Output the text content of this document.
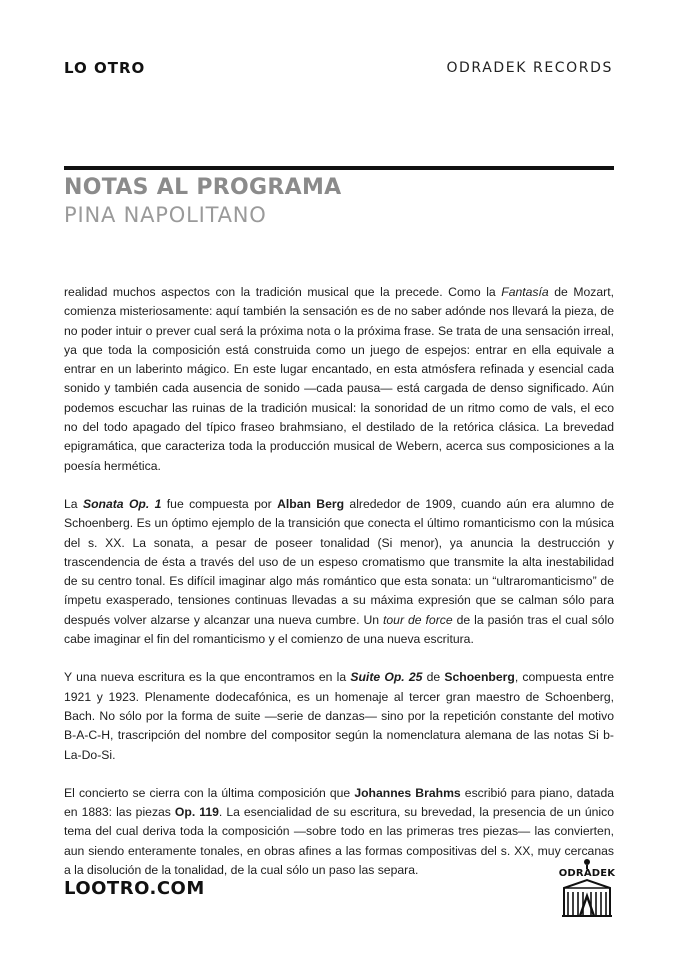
LO OTRO	ODRADEK RECORDS
NOTAS AL PROGRAMA
PINA NAPOLITANO

realidad muchos aspectos con la tradición musical que la precede. Como la Fantasía de Mozart, comienza misteriosamente: aquí también la sensación es de no saber adónde nos llevará la pieza, de no poder intuir o prever cual será la próxima nota o la próxima frase. Se trata de una sensación irreal, ya que toda la composición está construida como un juego de espejos: entrar en ella equivale a entrar en un laberinto mágico. En este lugar encantado, en esta atmósfera refinada y esencial cada sonido y también cada ausencia de sonido —cada pausa— está cargada de denso significado. Aún podemos escuchar las ruinas de la tradición musical: la sonoridad de un ritmo como de vals, el eco no del todo apagado del típico fraseo brahmsiano, el destilado de la retórica clásica. La brevedad epigramática, que caracteriza toda la producción musical de Webern, acerca sus composiciones a la poesía hermética.

La Sonata Op. 1 fue compuesta por Alban Berg alrededor de 1909, cuando aún era alumno de Schoenberg. Es un óptimo ejemplo de la transición que conecta el último romanticismo con la música del s. XX. La sonata, a pesar de poseer tonalidad (Si menor), ya anuncia la destrucción y trascendencia de ésta a través del uso de un espeso cromatismo que transmite la alta inestabilidad de su centro tonal. Es difícil imaginar algo más romántico que esta sonata: un “ultraromanticismo” de ímpetu exasperado, tensiones continuas llevadas a su máxima expresión que se calman sólo para después volver alzarse y alcanzar una nueva cumbre. Un tour de force de la pasión tras el cual sólo cabe imaginar el fin del romanticismo y el comienzo de una nueva escritura.

Y una nueva escritura es la que encontramos en la Suite Op. 25 de Schoenberg, compuesta entre 1921 y 1923. Plenamente dodecafónica, es un homenaje al tercer gran maestro de Schoenberg, Bach. No sólo por la forma de suite —serie de danzas— sino por la repetición constante del motivo B-A-C-H, trascripción del nombre del compositor según la nomenclatura alemana de las notas Si b-La-Do-Si.

El concierto se cierra con la última composición que Johannes Brahms escribió para piano, datada en 1883: las piezas Op. 119. La esencialidad de su escritura, su brevedad, la presencia de un único tema del cual deriva toda la composición —sobre todo en las primeras tres piezas— las convierten, aun siendo enteramente tonales, en obras afines a las formas compositivas del s. XX, muy cercanas a la disolución de la tonalidad, de la cual sólo un paso las separa.

LOOTRO.COM
ODRADEK
